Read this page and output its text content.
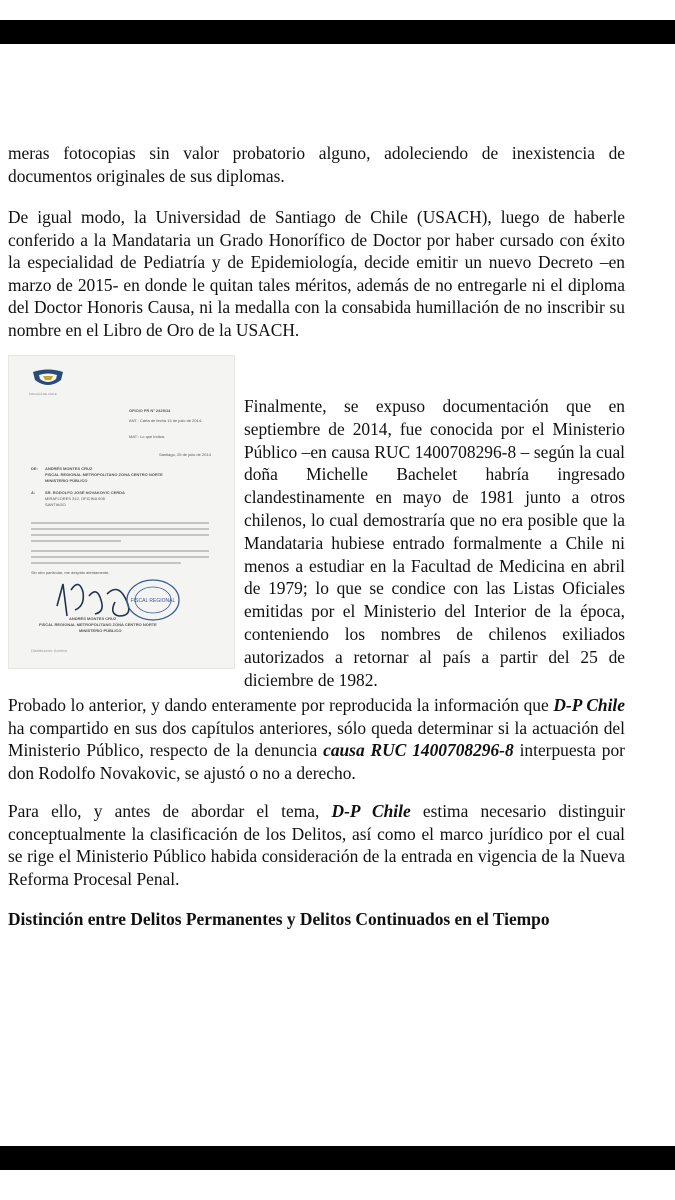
meras fotocopias sin valor probatorio alguno, adoleciendo de inexistencia de documentos originales de sus diplomas.

De igual modo, la Universidad de Santiago de Chile (USACH), luego de haberle conferido a la Mandataria un Grado Honorífico de Doctor por haber cursado con éxito la especialidad de Pediatría y de Epidemiología, decide emitir un nuevo Decreto –en marzo de 2015- en donde le quitan tales méritos, además de no entregarle ni el diploma del Doctor Honoris Causa, ni la medalla con la consabida humillación de no inscribir su nombre en el Libro de Oro de la USACH.

FISCALÍA DE CHILE
OFICIO FR N° 2425/14
ANT.: Carta de fecha 14 de julio de 2014.
MAT.: Lo que indica.
Santiago, 25 de julio de 2014
DE: ANDRÉS MONTES CRUZ
FISCAL REGIONAL METROPOLITANO ZONA CENTRO NORTE
MINISTERIO PÚBLICO
A: SR. RODOLFO JOSÉ NOVAKOVIC CERDA
MIRAFLORES 312, OFICINA 908
SANTIAGO
Sin otro particular, me despido atentamente,
FISCAL REGIONAL
ANDRÉS MONTES CRUZ
FISCAL REGIONAL METROPOLITANO ZONA CENTRO NORTE
MINISTERIO PÚBLICO
Distribución: Archivo

Finalmente, se expuso documentación que en septiembre de 2014, fue conocida por el Ministerio Público –en causa RUC 1400708296-8 – según la cual doña Michelle Bachelet habría ingresado clandestinamente en mayo de 1981 junto a otros chilenos, lo cual demostraría que no era posible que la Mandataria hubiese entrado formalmente a Chile ni menos a estudiar en la Facultad de Medicina en abril de 1979; lo que se condice con las Listas Oficiales emitidas por el Ministerio del Interior de la época, conteniendo los nombres de chilenos exiliados autorizados a retornar al país a partir del 25 de diciembre de 1982.

Probado lo anterior, y dando enteramente por reproducida la información que D-P Chile ha compartido en sus dos capítulos anteriores, sólo queda determinar si la actuación del Ministerio Público, respecto de la denuncia causa RUC 1400708296-8 interpuesta por don Rodolfo Novakovic, se ajustó o no a derecho.

Para ello, y antes de abordar el tema, D-P Chile estima necesario distinguir conceptualmente la clasificación de los Delitos, así como el marco jurídico por el cual se rige el Ministerio Público habida consideración de la entrada en vigencia de la Nueva Reforma Procesal Penal.

Distinción entre Delitos Permanentes y Delitos Continuados en el Tiempo
